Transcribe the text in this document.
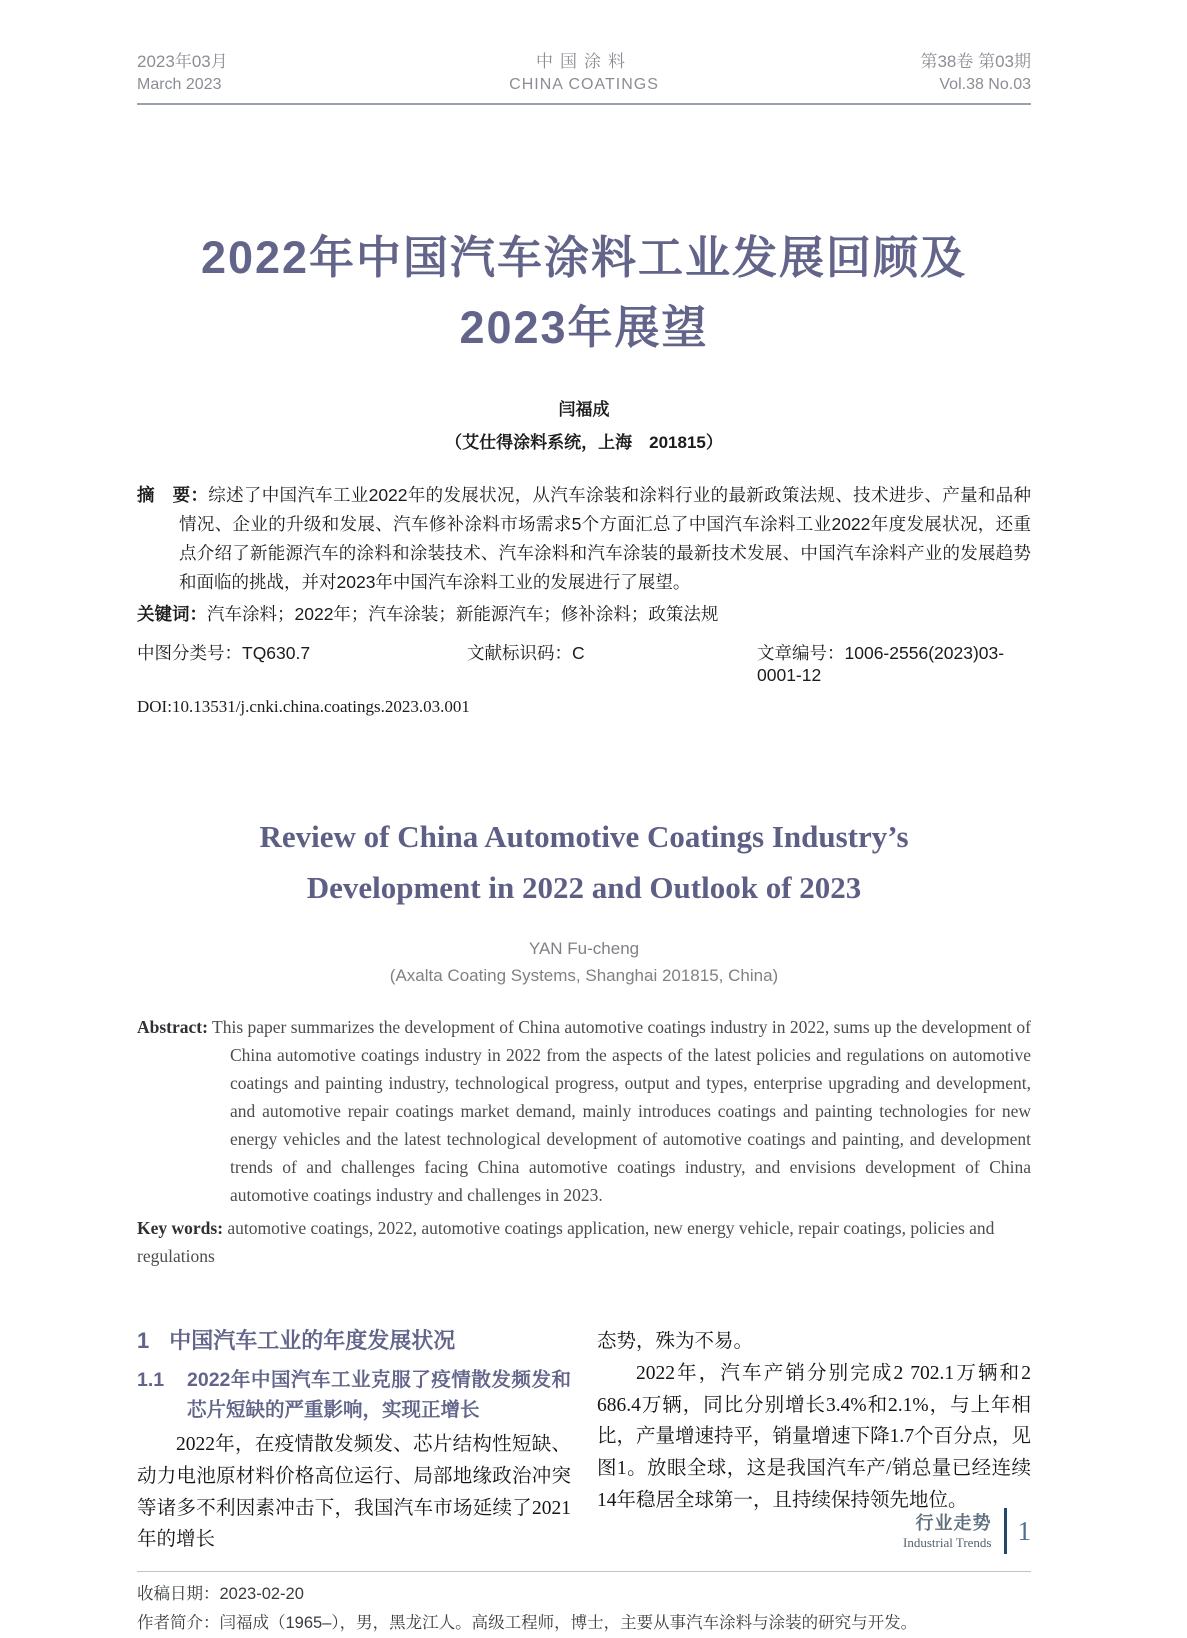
2023年03月
March 2023
中国涂料
CHINA COATINGS
第38卷 第03期
Vol.38 No.03
2022年中国汽车涂料工业发展回顾及
2023年展望
闫福成
（艾仕得涂料系统，上海　201815）

摘　要：综述了中国汽车工业2022年的发展状况，从汽车涂装和涂料行业的最新政策法规、技术进步、产量和品种情况、企业的升级和发展、汽车修补涂料市场需求5个方面汇总了中国汽车涂料工业2022年度发展状况，还重点介绍了新能源汽车的涂料和涂装技术、汽车涂料和汽车涂装的最新技术发展、中国汽车涂料产业的发展趋势和面临的挑战，并对2023年中国汽车涂料工业的发展进行了展望。

关键词：汽车涂料；2022年；汽车涂装；新能源汽车；修补涂料；政策法规

中图分类号：TQ630.7	文献标识码：C	文章编号：1006-2556(2023)03-0001-12
DOI:10.13531/j.cnki.china.coatings.2023.03.001
Review of China Automotive Coatings Industry’s
Development in 2022 and Outlook of 2023
YAN Fu-cheng
(Axalta Coating Systems, Shanghai 201815, China)

Abstract: This paper summarizes the development of China automotive coatings industry in 2022, sums up the development of China automotive coatings industry in 2022 from the aspects of the latest policies and regulations on automotive coatings and painting industry, technological progress, output and types, enterprise upgrading and development, and automotive repair coatings market demand, mainly introduces coatings and painting technologies for new energy vehicles and the latest technological development of automotive coatings and painting, and development trends of and challenges facing China automotive coatings industry, and envisions development of China automotive coatings industry and challenges in 2023.

Key words: automotive coatings, 2022, automotive coatings application, new energy vehicle, repair coatings, policies and regulations

1 中国汽车工业的年度发展状况
1.1 2022年中国汽车工业克服了疫情散发频发和芯片短缺的严重影响，实现正增长

2022年，在疫情散发频发、芯片结构性短缺、动力电池原材料价格高位运行、局部地缘政治冲突等诸多不利因素冲击下，我国汽车市场延续了2021年的增长

态势，殊为不易。

2022年，汽车产销分别完成2 702.1万辆和2 686.4万辆，同比分别增长3.4%和2.1%，与上年相比，产量增速持平，销量增速下降1.7个百分点，见图1。放眼全球，这是我国汽车产/销总量已经连续14年稳居全球第一，且持续保持领先地位。

收稿日期：2023-02-20
作者简介：闫福成（1965–），男，黑龙江人。高级工程师，博士，主要从事汽车涂料与涂装的研究与开发。
行业走势
Industrial Trends 1
